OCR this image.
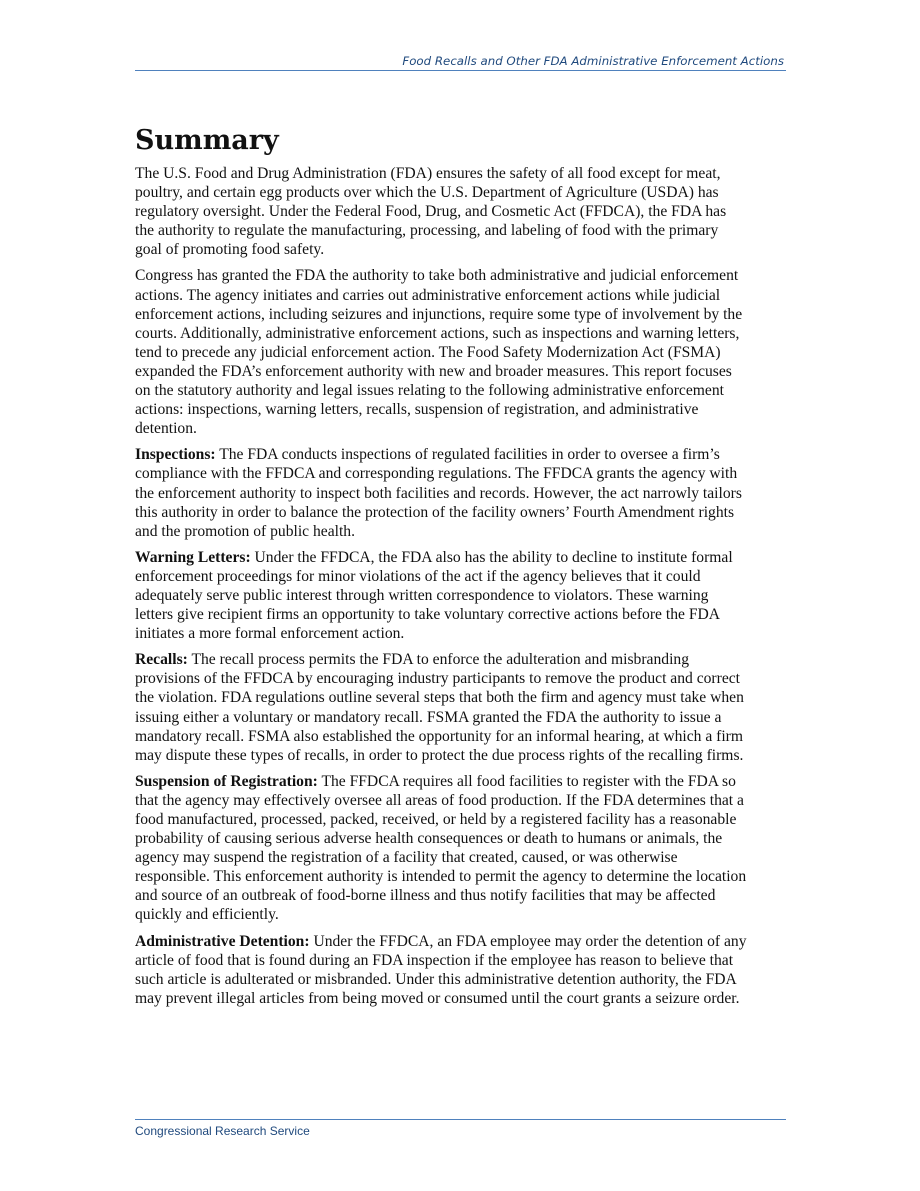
Food Recalls and Other FDA Administrative Enforcement Actions
Summary

The U.S. Food and Drug Administration (FDA) ensures the safety of all food except for meat,
poultry, and certain egg products over which the U.S. Department of Agriculture (USDA) has
regulatory oversight. Under the Federal Food, Drug, and Cosmetic Act (FFDCA), the FDA has
the authority to regulate the manufacturing, processing, and labeling of food with the primary
goal of promoting food safety.

Congress has granted the FDA the authority to take both administrative and judicial enforcement
actions. The agency initiates and carries out administrative enforcement actions while judicial
enforcement actions, including seizures and injunctions, require some type of involvement by the
courts. Additionally, administrative enforcement actions, such as inspections and warning letters,
tend to precede any judicial enforcement action. The Food Safety Modernization Act (FSMA)
expanded the FDA’s enforcement authority with new and broader measures. This report focuses
on the statutory authority and legal issues relating to the following administrative enforcement
actions: inspections, warning letters, recalls, suspension of registration, and administrative
detention.

Inspections: The FDA conducts inspections of regulated facilities in order to oversee a firm’s
compliance with the FFDCA and corresponding regulations. The FFDCA grants the agency with
the enforcement authority to inspect both facilities and records. However, the act narrowly tailors
this authority in order to balance the protection of the facility owners’ Fourth Amendment rights
and the promotion of public health.

Warning Letters: Under the FFDCA, the FDA also has the ability to decline to institute formal
enforcement proceedings for minor violations of the act if the agency believes that it could
adequately serve public interest through written correspondence to violators. These warning
letters give recipient firms an opportunity to take voluntary corrective actions before the FDA
initiates a more formal enforcement action.

Recalls: The recall process permits the FDA to enforce the adulteration and misbranding
provisions of the FFDCA by encouraging industry participants to remove the product and correct
the violation. FDA regulations outline several steps that both the firm and agency must take when
issuing either a voluntary or mandatory recall. FSMA granted the FDA the authority to issue a
mandatory recall. FSMA also established the opportunity for an informal hearing, at which a firm
may dispute these types of recalls, in order to protect the due process rights of the recalling firms.

Suspension of Registration: The FFDCA requires all food facilities to register with the FDA so
that the agency may effectively oversee all areas of food production. If the FDA determines that a
food manufactured, processed, packed, received, or held by a registered facility has a reasonable
probability of causing serious adverse health consequences or death to humans or animals, the
agency may suspend the registration of a facility that created, caused, or was otherwise
responsible. This enforcement authority is intended to permit the agency to determine the location
and source of an outbreak of food-borne illness and thus notify facilities that may be affected
quickly and efficiently.

Administrative Detention: Under the FFDCA, an FDA employee may order the detention of any
article of food that is found during an FDA inspection if the employee has reason to believe that
such article is adulterated or misbranded. Under this administrative detention authority, the FDA
may prevent illegal articles from being moved or consumed until the court grants a seizure order.

Congressional Research Service
